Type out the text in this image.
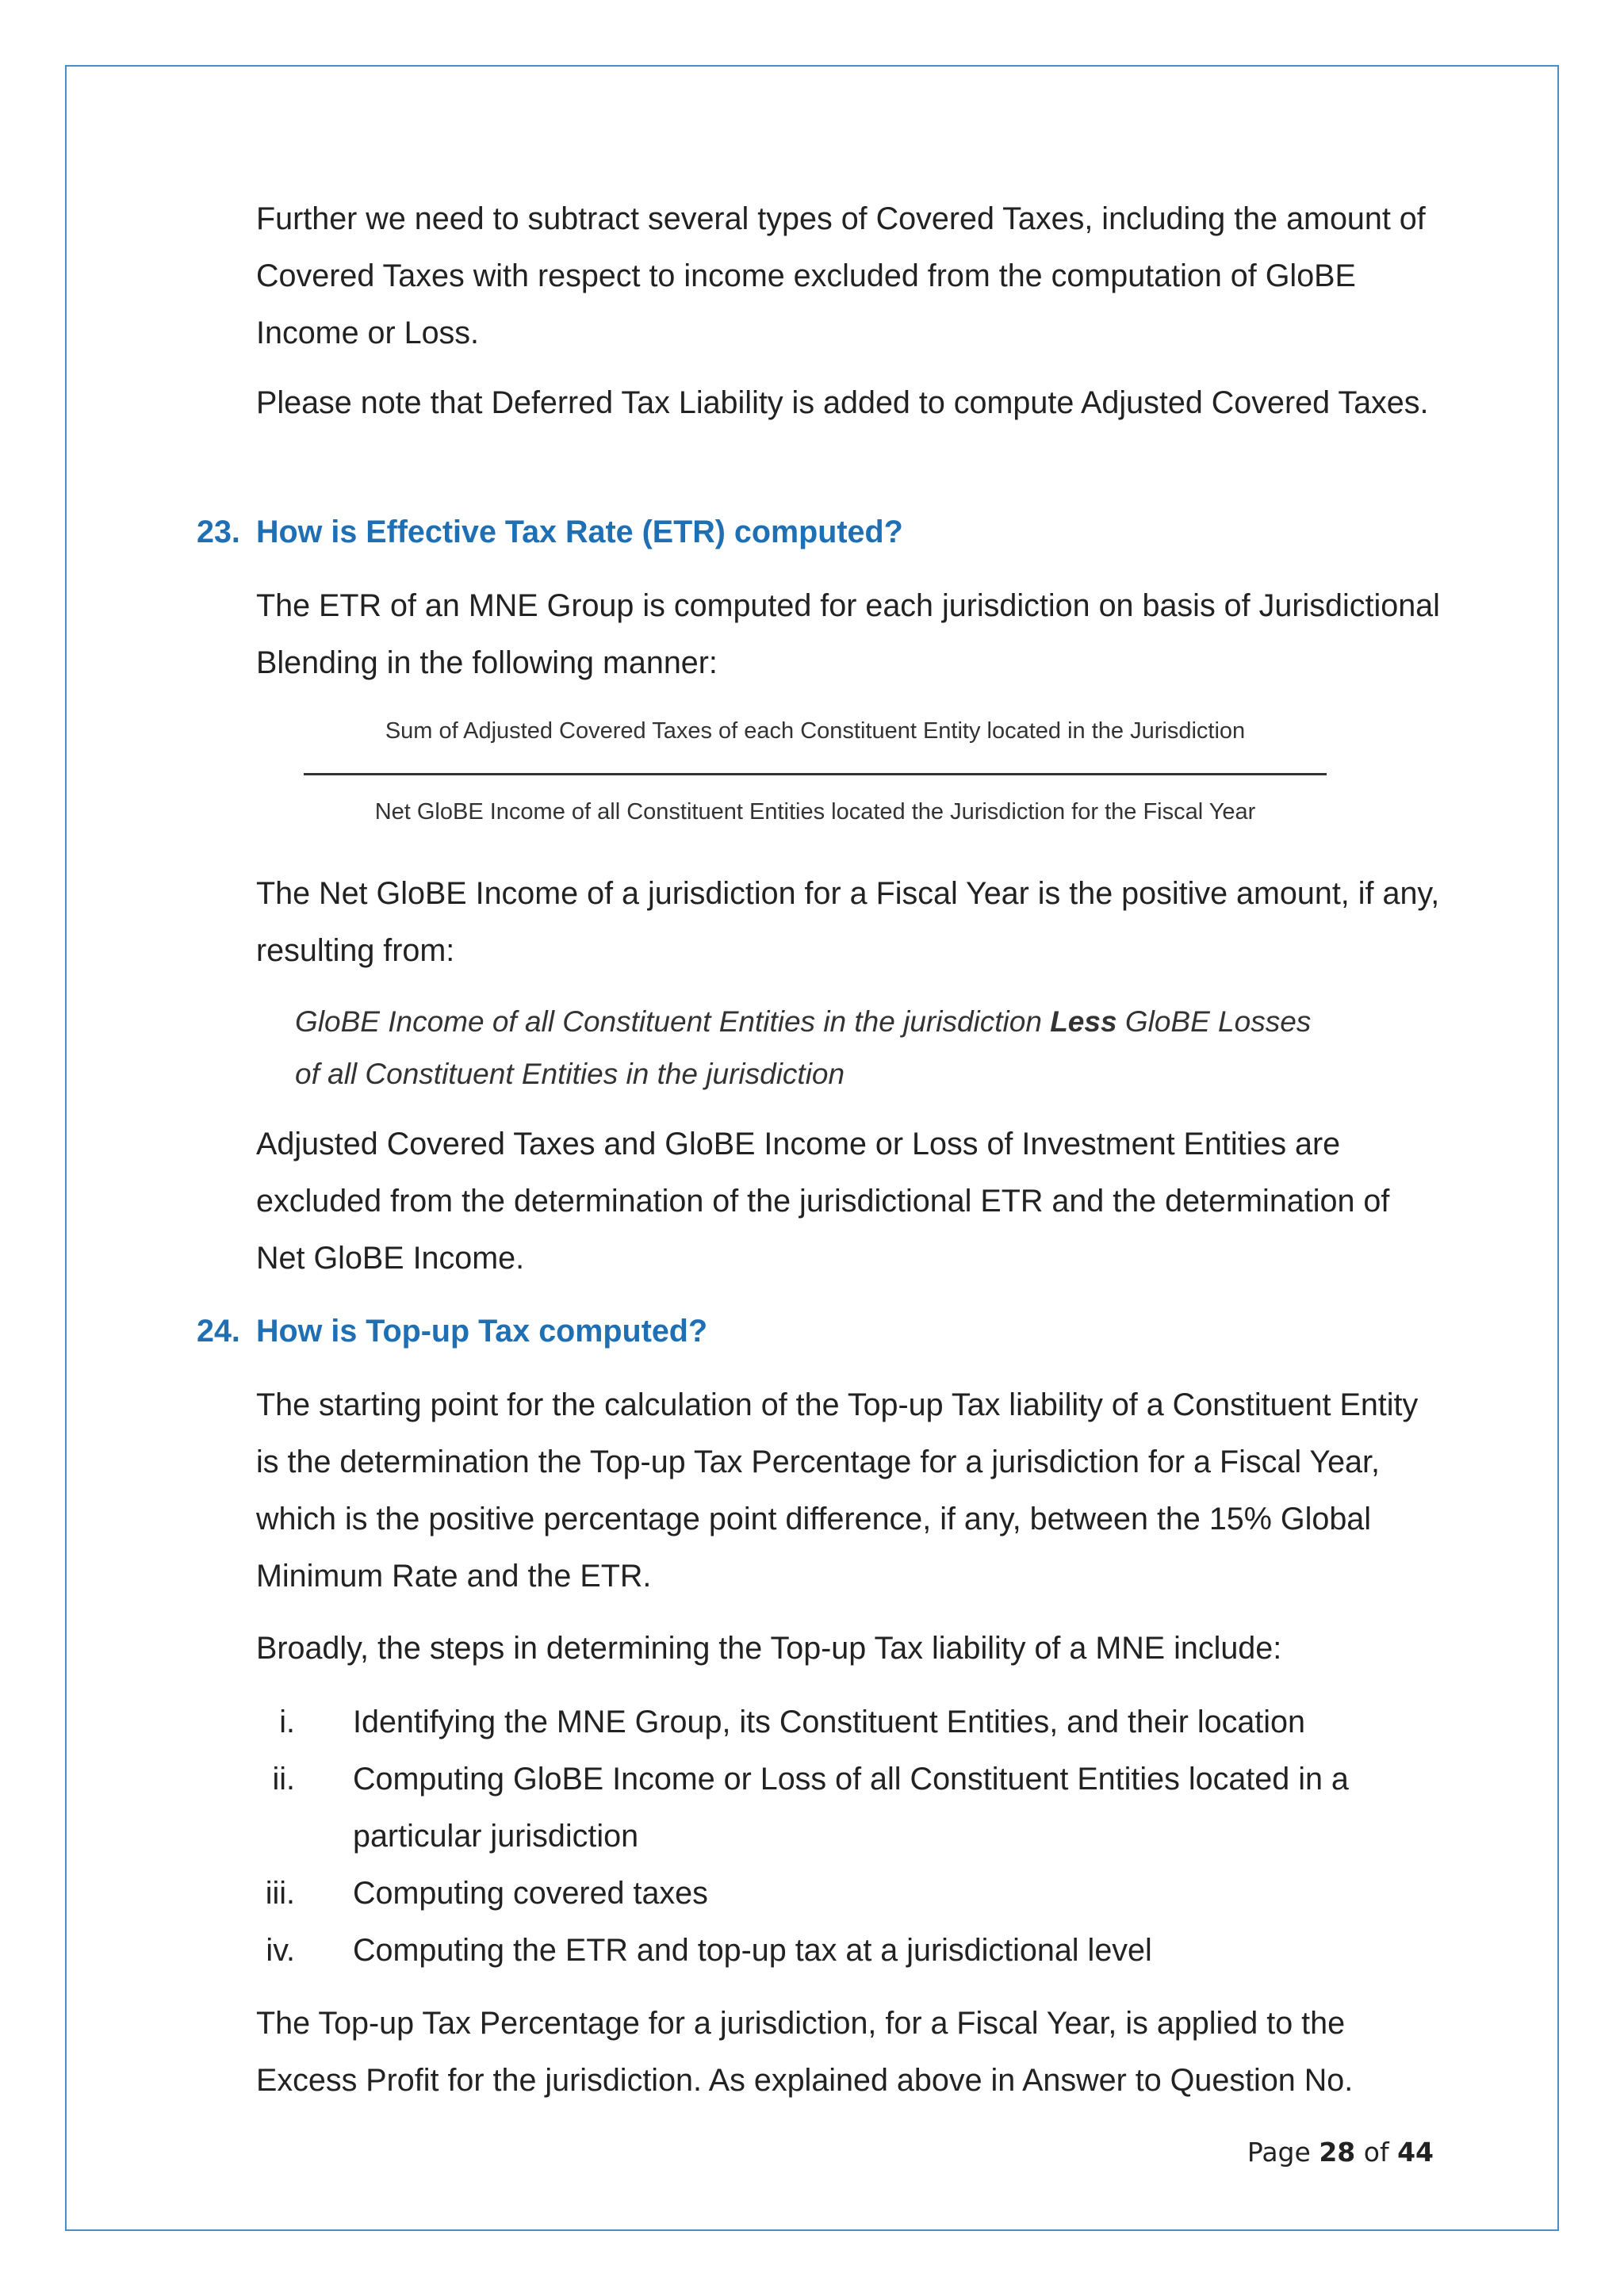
Further we need to subtract several types of Covered Taxes, including the amount of Covered Taxes with respect to income excluded from the computation of GloBE Income or Loss.

Please note that Deferred Tax Liability is added to compute Adjusted Covered Taxes.

23. How is Effective Tax Rate (ETR) computed?

The ETR of an MNE Group is computed for each jurisdiction on basis of Jurisdictional Blending in the following manner:

Sum of Adjusted Covered Taxes of each Constituent Entity located in the Jurisdiction
Net GloBE Income of all Constituent Entities located the Jurisdiction for the Fiscal Year

The Net GloBE Income of a jurisdiction for a Fiscal Year is the positive amount, if any, resulting from:

GloBE Income of all Constituent Entities in the jurisdiction Less GloBE Losses
of all Constituent Entities in the jurisdiction

Adjusted Covered Taxes and GloBE Income or Loss of Investment Entities are excluded from the determination of the jurisdictional ETR and the determination of Net GloBE Income.

24. How is Top-up Tax computed?

The starting point for the calculation of the Top-up Tax liability of a Constituent Entity is the determination the Top-up Tax Percentage for a jurisdiction for a Fiscal Year, which is the positive percentage point difference, if any, between the 15% Global Minimum Rate and the ETR.

Broadly, the steps in determining the Top-up Tax liability of a MNE include:

i. Identifying the MNE Group, its Constituent Entities, and their location
ii. Computing GloBE Income or Loss of all Constituent Entities located in a particular jurisdiction
iii. Computing covered taxes
iv. Computing the ETR and top-up tax at a jurisdictional level

The Top-up Tax Percentage for a jurisdiction, for a Fiscal Year, is applied to the Excess Profit for the jurisdiction. As explained above in Answer to Question No.

Page 28 of 44
